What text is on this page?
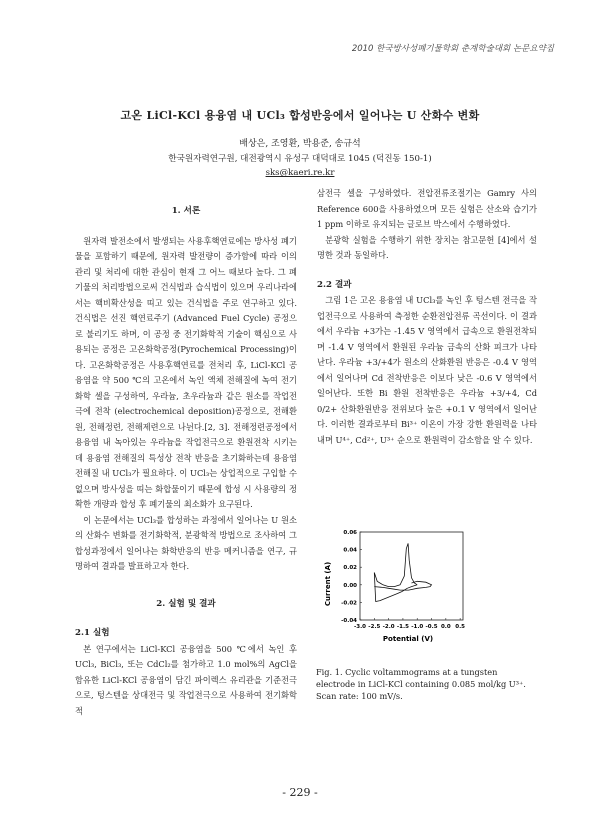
2010 한국방사성폐기물학회 춘계학술대회 논문요약집
고온 LiCl-KCl 용융염 내 UCl₃ 합성반응에서 일어나는 U 산화수 변화
배상은, 조영환, 박용준, 송규석
한국원자력연구원, 대전광역시 유성구 대덕대로 1045 (덕진동 150-1)
sks@kaeri.re.kr
1. 서론

원자력 발전소에서 발생되는 사용후핵연료에는 방사성 폐기물을 포함하기 때문에, 원자력 발전량이 증가함에 따라 이의 관리 및 처리에 대한 관심이 현재 그 어느 때보다 높다. 그 폐기물의 처리방법으로써 건식법과 습식법이 있으며 우리나라에서는 핵비확산성을 띠고 있는 건식법을 주로 연구하고 있다. 건식법은 선진 핵연료주기 (Advanced Fuel Cycle) 공정으로 불리기도 하며, 이 공정 중 전기화학적 기술이 핵심으로 사용되는 공정은 고온화학공정(Pyrochemical Processing)이다. 고온화학공정은 사용후핵연료를 전처리 후, LiCl-KCl 공융염을 약 500 ℃의 고온에서 녹인 액체 전해질에 녹여 전기화학 셀을 구성하여, 우라늄, 초우라늄과 같은 원소를 작업전극에 전착 (electrochemical deposition)공정으로, 전해환원, 전해정련, 전해제련으로 나뉜다.[2, 3]. 전해정련공정에서 용융염 내 녹아있는 우라늄을 작업전극으로 환원전착 시키는데 용융염 전해질의 특성상 전착 반응을 초기화하는데 용융염 전해질 내 UCl₃가 필요하다. 이 UCl₃는 상업적으로 구입할 수 없으며 방사성을 띠는 화합물이기 때문에 합성 시 사용량의 정확한 개량과 합성 후 폐기물의 최소화가 요구된다.

이 논문에서는 UCl₃를 합성하는 과정에서 일어나는 U 원소의 산화수 변화를 전기화학적, 분광학적 방법으로 조사하여 그 합성과정에서 일어나는 화학반응의 반응 메커니즘을 연구, 규명하여 결과를 발표하고자 한다.

2. 실험 및 결과
2.1 실험

본 연구에서는 LiCl-KCl 공융염을 500 ℃에서 녹인 후 UCl₃, BiCl₃, 또는 CdCl₂를 첨가하고 1.0 mol%의 AgCl을 함유한 LiCl-KCl 공융염이 담긴 파이렉스 유리관을 기준전극으로, 텅스텐을 상대전극 및 작업전극으로 사용하여 전기화학적

삼전극 셀을 구성하였다. 전압전류조절기는 Gamry 사의 Reference 600을 사용하였으며 모든 실험은 산소와 습기가 1 ppm 이하로 유지되는 글로브 박스에서 수행하였다.

분광학 실험을 수행하기 위한 장치는 참고문헌 [4]에서 설명한 것과 동일하다.

2.2 결과

그림 1은 고온 용융염 내 UCl₃를 녹인 후 텅스텐 전극을 작업전극으로 사용하여 측정한 순환전압전류 곡선이다. 이 결과에서 우라늄 +3가는 -1.45 V 영역에서 급속으로 환원전착되며 -1.4 V 영역에서 환원된 우라늄 금속의 산화 피크가 나타난다. 우라늄 +3/+4가 원소의 산화환원 반응은 -0.4 V 영역에서 일어나며 Cd 전착반응은 이보다 낮은 -0.6 V 영역에서 일어난다. 또한 Bi 환원 전착반응은 우라늄 +3/+4, Cd 0/2+ 산화환원반응 전위보다 높은 +0.1 V 영역에서 일어난다. 이러한 결과로부터 Bi³⁺ 이온이 가장 강한 환원력을 나타내며 U⁴⁺, Cd²⁺, U³⁺ 순으로 환원력이 감소함을 알 수 있다.

-0.04
-0.02
0.00
0.02
0.04
0.06
-3.0 -2.5 -2.0 -1.5 -1.0 -0.5 0.0 0.5
Current (A)
Potential (V)
Fig. 1. Cyclic voltammograms at a tungsten electrode in LiCl-KCl containing 0.085 mol/kg U³⁺. Scan rate: 100 mV/s.
- 229 -
